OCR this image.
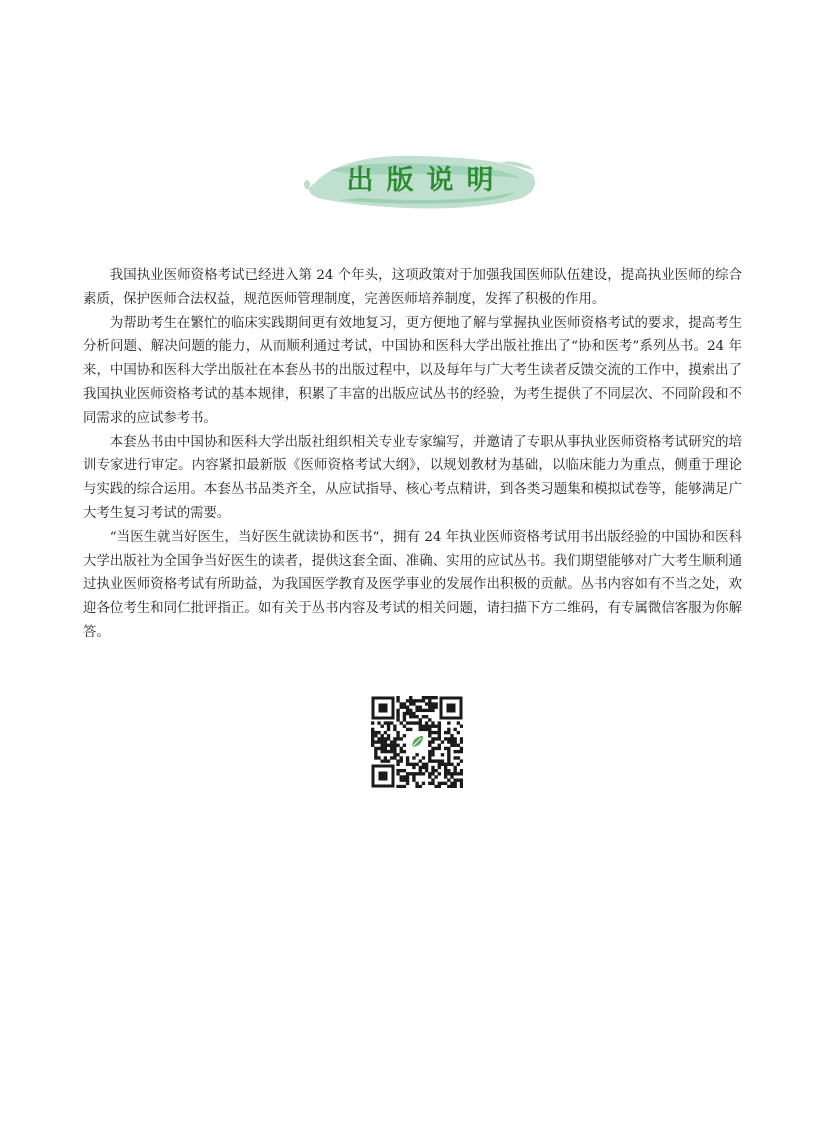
出版说明

我国执业医师资格考试已经进入第 24 个年头，这项政策对于加强我国医师队伍建设，提高执业医师的综合素质，保护医师合法权益，规范医师管理制度，完善医师培养制度，发挥了积极的作用。

为帮助考生在繁忙的临床实践期间更有效地复习，更方便地了解与掌握执业医师资格考试的要求，提高考生分析问题、解决问题的能力，从而顺利通过考试，中国协和医科大学出版社推出了“协和医考”系列丛书。24 年来，中国协和医科大学出版社在本套丛书的出版过程中，以及每年与广大考生读者反馈交流的工作中，摸索出了我国执业医师资格考试的基本规律，积累了丰富的出版应试丛书的经验，为考生提供了不同层次、不同阶段和不同需求的应试参考书。

本套丛书由中国协和医科大学出版社组织相关专业专家编写，并邀请了专职从事执业医师资格考试研究的培训专家进行审定。内容紧扣最新版《医师资格考试大纲》，以规划教材为基础，以临床能力为重点，侧重于理论与实践的综合运用。本套丛书品类齐全，从应试指导、核心考点精讲，到各类习题集和模拟试卷等，能够满足广大考生复习考试的需要。

“当医生就当好医生，当好医生就读协和医书”，拥有 24 年执业医师资格考试用书出版经验的中国协和医科大学出版社为全国争当好医生的读者，提供这套全面、准确、实用的应试丛书。我们期望能够对广大考生顺利通过执业医师资格考试有所助益，为我国医学教育及医学事业的发展作出积极的贡献。丛书内容如有不当之处，欢迎各位考生和同仁批评指正。如有关于丛书内容及考试的相关问题，请扫描下方二维码，有专属微信客服为你解答。
